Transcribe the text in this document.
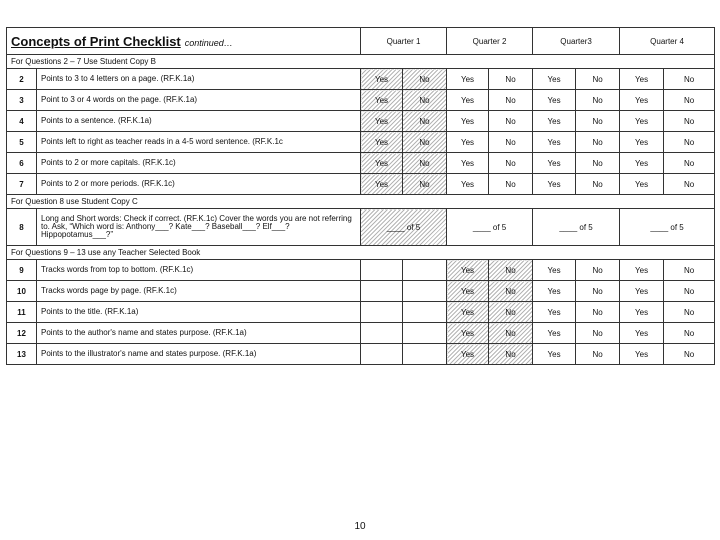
Concepts of Print Checklist continued…		Quarter 1		Quarter 2		Quarter3		Quarter 4	
For Questions 2 – 7 Use Student Copy B									
2	Points to 3 to 4 letters on a page. (RF.K.1a)	Yes	No	Yes	No	Yes	No	Yes	No
3	Point to 3 or 4 words on the page. (RF.K.1a)	Yes	No	Yes	No	Yes	No	Yes	No
4	Points to a sentence. (RF.K.1a)	Yes	No	Yes	No	Yes	No	Yes	No
5	Points left to right as teacher reads in a 4-5 word sentence. (RF.K.1c	Yes	No	Yes	No	Yes	No	Yes	No
6	Points to 2 or more capitals. (RF.K.1c)	Yes	No	Yes	No	Yes	No	Yes	No
7	Points to 2 or more periods. (RF.K.1c)	Yes	No	Yes	No	Yes	No	Yes	No
For Question 8 use Student Copy C									
8	Long and Short words: Check if correct. (RF.K.1c) Cover the words you are not referring to. Ask, “Which word is: Anthony___? Kate___? Baseball___? Elf___? Hippopotamus___?”	____ of 5		____ of 5		____ of 5		____ of 5	
For Questions 9 – 13 use any Teacher Selected Book									
9	Tracks words from top to bottom. (RF.K.1c)			Yes	No	Yes	No	Yes	No
10	Tracks words page by page. (RF.K.1c)			Yes	No	Yes	No	Yes	No
11	Points to the title. (RF.K.1a)			Yes	No	Yes	No	Yes	No
12	Points to the author's name and states purpose. (RF.K.1a)			Yes	No	Yes	No	Yes	No
13	Points to the illustrator's name and states purpose. (RF.K.1a)			Yes	No	Yes	No	Yes	No
10
